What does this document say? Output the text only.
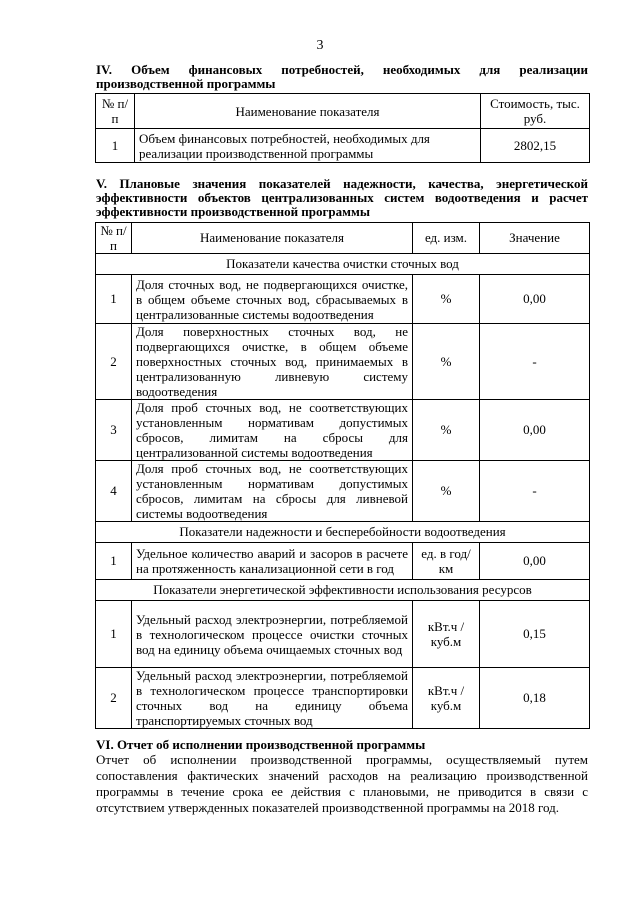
3
IV. Объем финансовых потребностей, необходимых для реализации производственной программы
№ п/п	Наименование показателя	Стоимость, тыс. руб.
1	Объем финансовых потребностей, необходимых для реализации производственной программы	2802,15
V. Плановые значения показателей надежности, качества, энергетической эффективности объектов централизованных систем водоотведения и расчет эффективности производственной программы
№ п/п	Наименование показателя	ед. изм.	Значение
Показатели качества очистки сточных вод			
1	Доля сточных вод, не подвергающихся очистке, в общем объеме сточных вод, сбрасываемых в централизованные системы водоотведения	%	0,00
2	Доля поверхностных сточных вод, не подвергающихся очистке, в общем объеме поверхностных сточных вод, принимаемых в централизованную ливневую систему водоотведения	%	-
3	Доля проб сточных вод, не соответствующих установленным нормативам допустимых сбросов, лимитам на сбросы для централизованной системы водоотведения	%	0,00
4	Доля проб сточных вод, не соответствующих установленным нормативам допустимых сбросов, лимитам на сбросы для ливневой системы водоотведения	%	-
Показатели надежности и бесперебойности водоотведения			
1	Удельное количество аварий и засоров в расчете на протяженность канализационной сети в год	ед. в год/ км	0,00
Показатели энергетической эффективности использования ресурсов			
1	Удельный расход электроэнергии, потребляемой в технологическом процессе очистки сточных вод на единицу объема очищаемых сточных вод	кВт.ч / куб.м	0,15
2	Удельный расход электроэнергии, потребляемой в технологическом процессе транспортировки сточных вод на единицу объема транспортируемых сточных вод	кВт.ч / куб.м	0,18
VI. Отчет об исполнении производственной программы
Отчет об исполнении производственной программы, осуществляемый путем сопоставления фактических значений расходов на реализацию производственной программы в течение срока ее действия с плановыми, не приводится в связи с отсутствием утвержденных показателей производственной программы на 2018 год.
